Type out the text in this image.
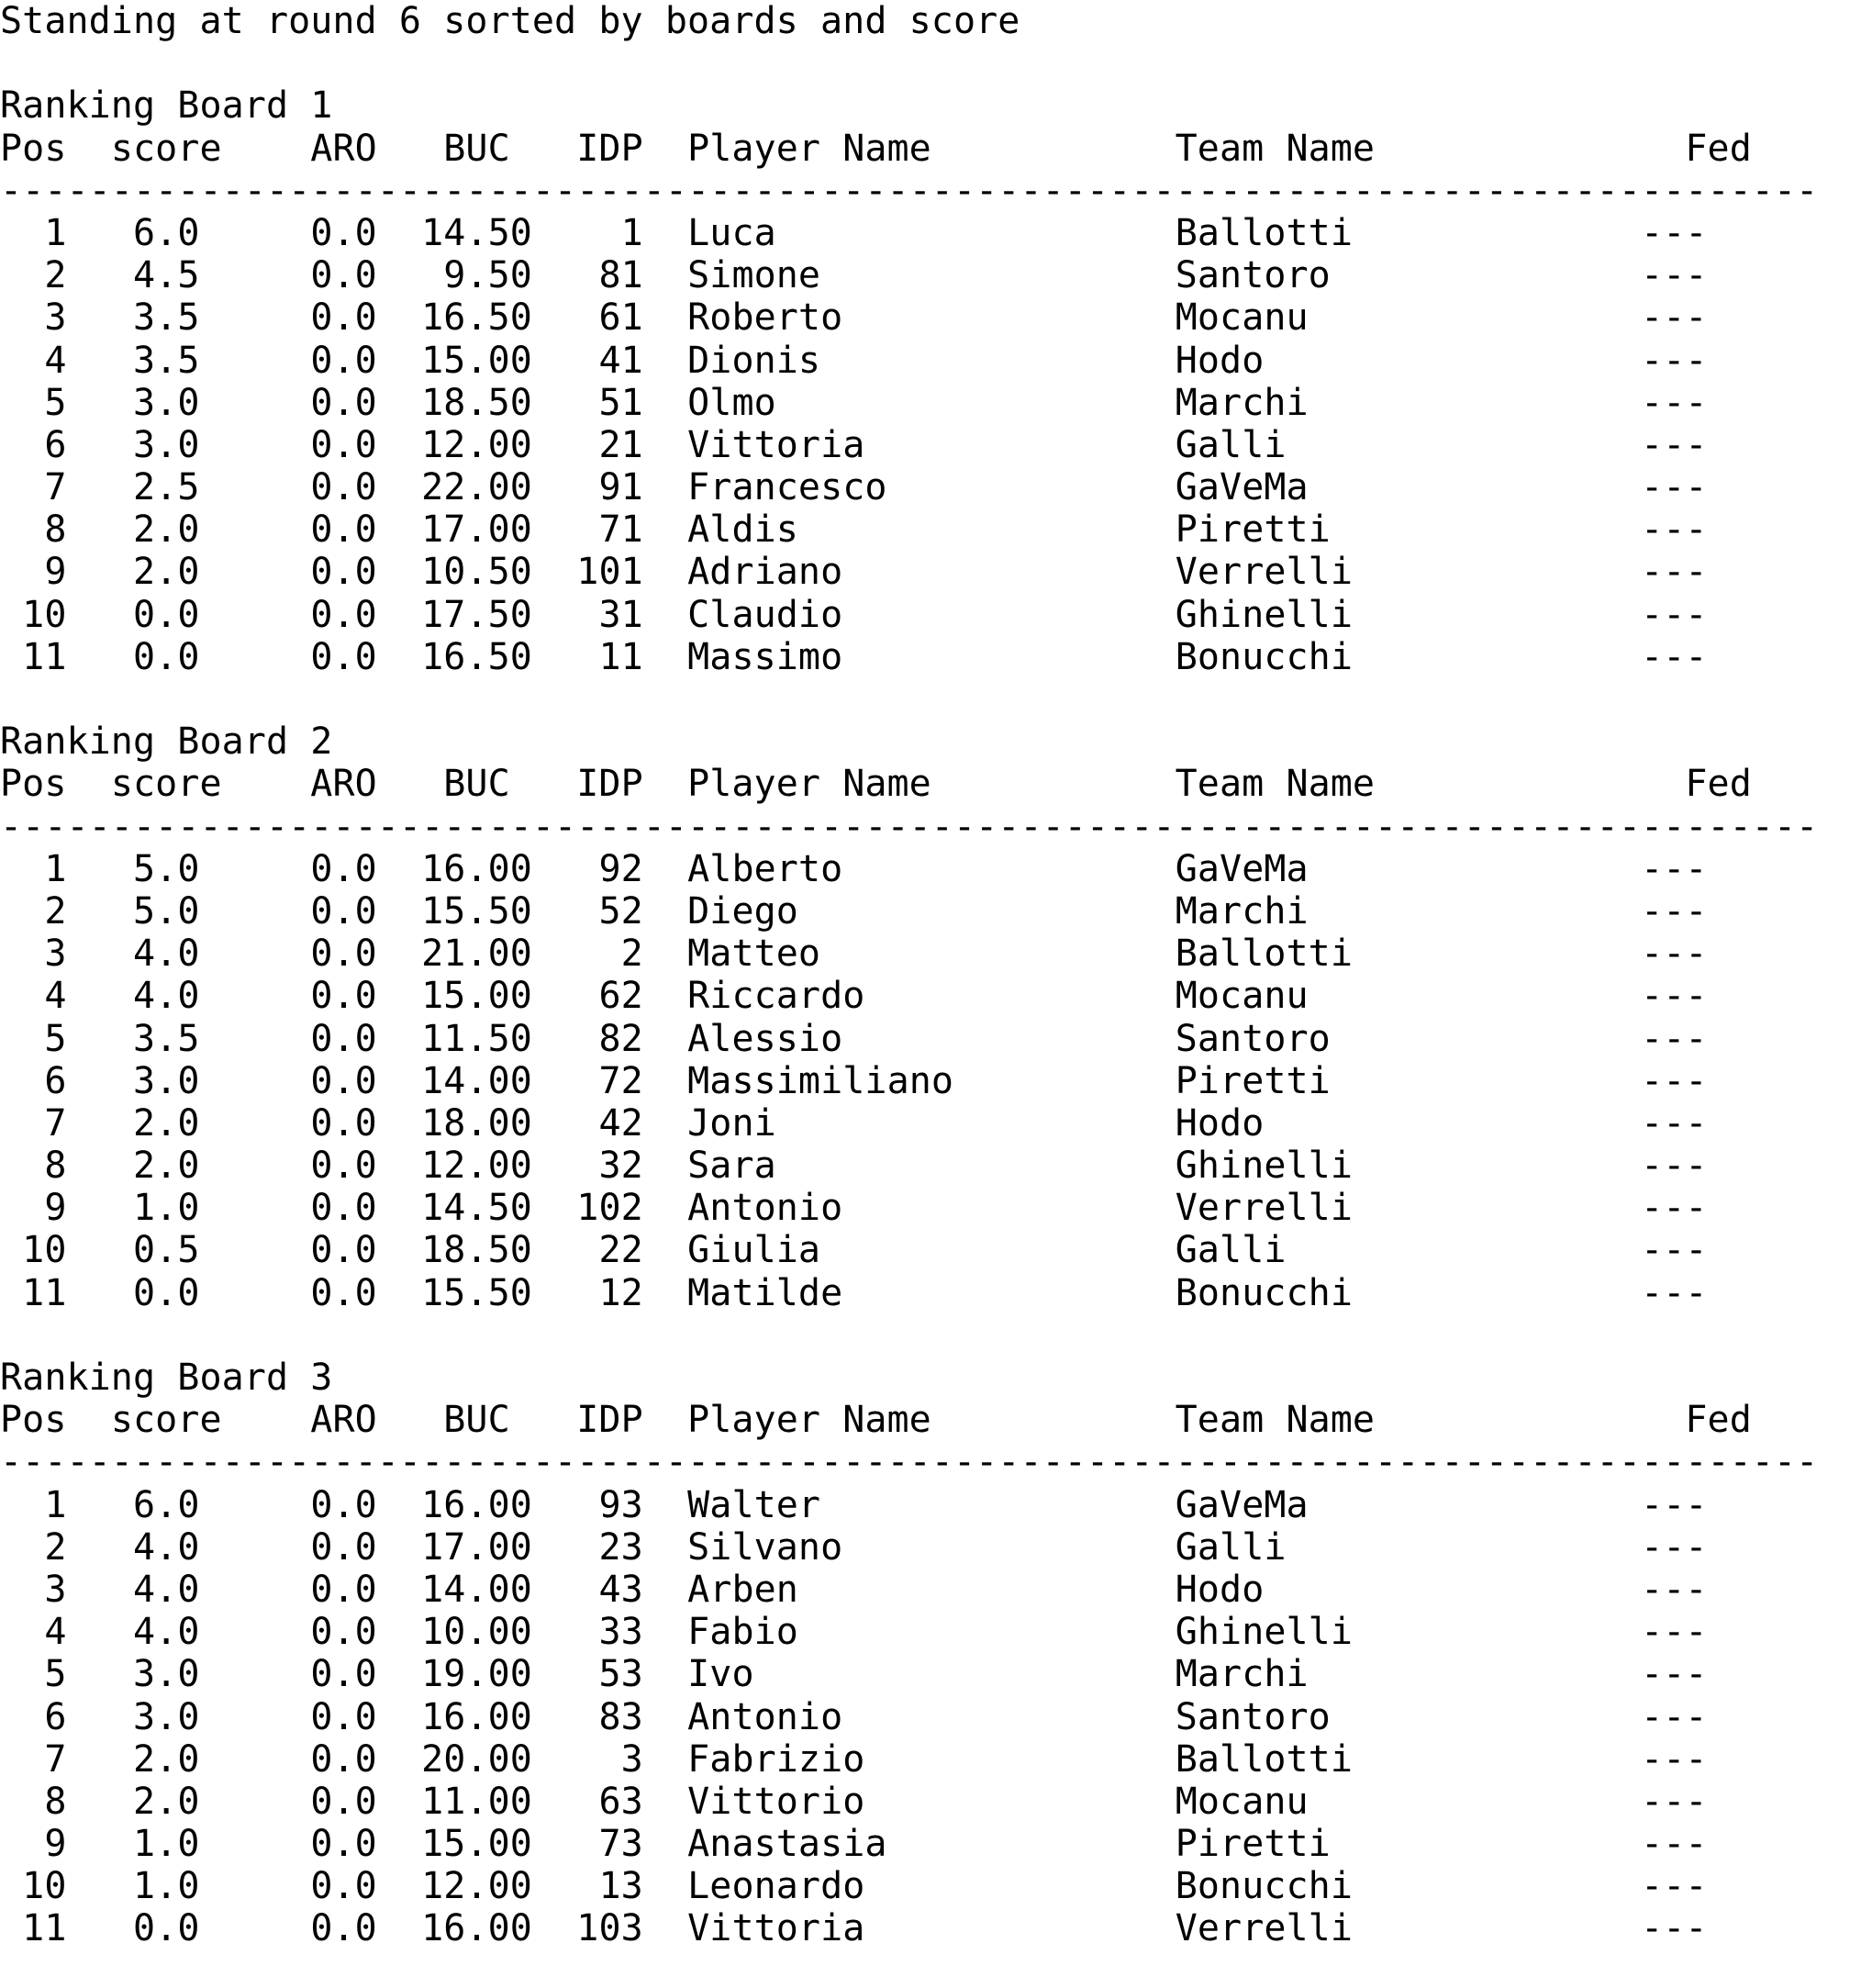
Standing at round 6 sorted by boards and score

Ranking Board 1
Pos  score    ARO   BUC   IDP  Player Name           Team Name              Fed
----------------------------------------------------------------------------------
1 6.0	0.0  14.50    1 Luca                  Ballotti             ---
2 4.5	0.0   9.50   81 Simone                Santoro              ---
3 3.5	0.0  16.50   61 Roberto               Mocanu               ---
4 3.5	0.0  15.00   41 Dionis                Hodo                 ---
5 3.0	0.0  18.50   51 Olmo                  Marchi               ---
6 3.0	0.0  12.00   21 Vittoria              Galli                ---
7 2.5	0.0  22.00   91 Francesco             GaVeMa               ---
8 2.0	0.0  17.00   71 Aldis                 Piretti              ---
9 2.0	0.0  10.50  101 Adriano               Verrelli             ---
10 0.0	0.0  17.50   31 Claudio               Ghinelli             ---
11 0.0	0.0  16.50   11 Massimo               Bonucchi             ---

Ranking Board 2
Pos  score    ARO   BUC   IDP  Player Name           Team Name              Fed
----------------------------------------------------------------------------------
1 5.0	0.0  16.00   92 Alberto               GaVeMa               ---
2 5.0	0.0  15.50   52 Diego                 Marchi               ---
3 4.0	0.0  21.00    2 Matteo                Ballotti             ---
4 4.0	0.0  15.00   62 Riccardo              Mocanu               ---
5 3.5	0.0  11.50   82 Alessio               Santoro              ---
6 3.0	0.0  14.00   72 Massimiliano          Piretti              ---
7 2.0	0.0  18.00   42 Joni                  Hodo                 ---
8 2.0	0.0  12.00   32 Sara                  Ghinelli             ---
9 1.0	0.0  14.50  102 Antonio               Verrelli             ---
10 0.5	0.0  18.50   22 Giulia                Galli                ---
11 0.0	0.0  15.50   12 Matilde               Bonucchi             ---

Ranking Board 3
Pos  score    ARO   BUC   IDP  Player Name           Team Name              Fed
----------------------------------------------------------------------------------
1 6.0	0.0  16.00   93 Walter                GaVeMa               ---
2 4.0	0.0  17.00   23 Silvano               Galli                ---
3 4.0	0.0  14.00   43 Arben                 Hodo                 ---
4 4.0	0.0  10.00   33 Fabio                 Ghinelli             ---
5 3.0	0.0  19.00   53 Ivo                   Marchi               ---
6 3.0	0.0  16.00   83 Antonio               Santoro              ---
7 2.0	0.0  20.00    3 Fabrizio              Ballotti             ---
8 2.0	0.0  11.00   63 Vittorio              Mocanu               ---
9 1.0	0.0  15.00   73 Anastasia             Piretti              ---
10 1.0	0.0  12.00   13 Leonardo              Bonucchi             ---
11 0.0	0.0  16.00  103 Vittoria              Verrelli             ---
